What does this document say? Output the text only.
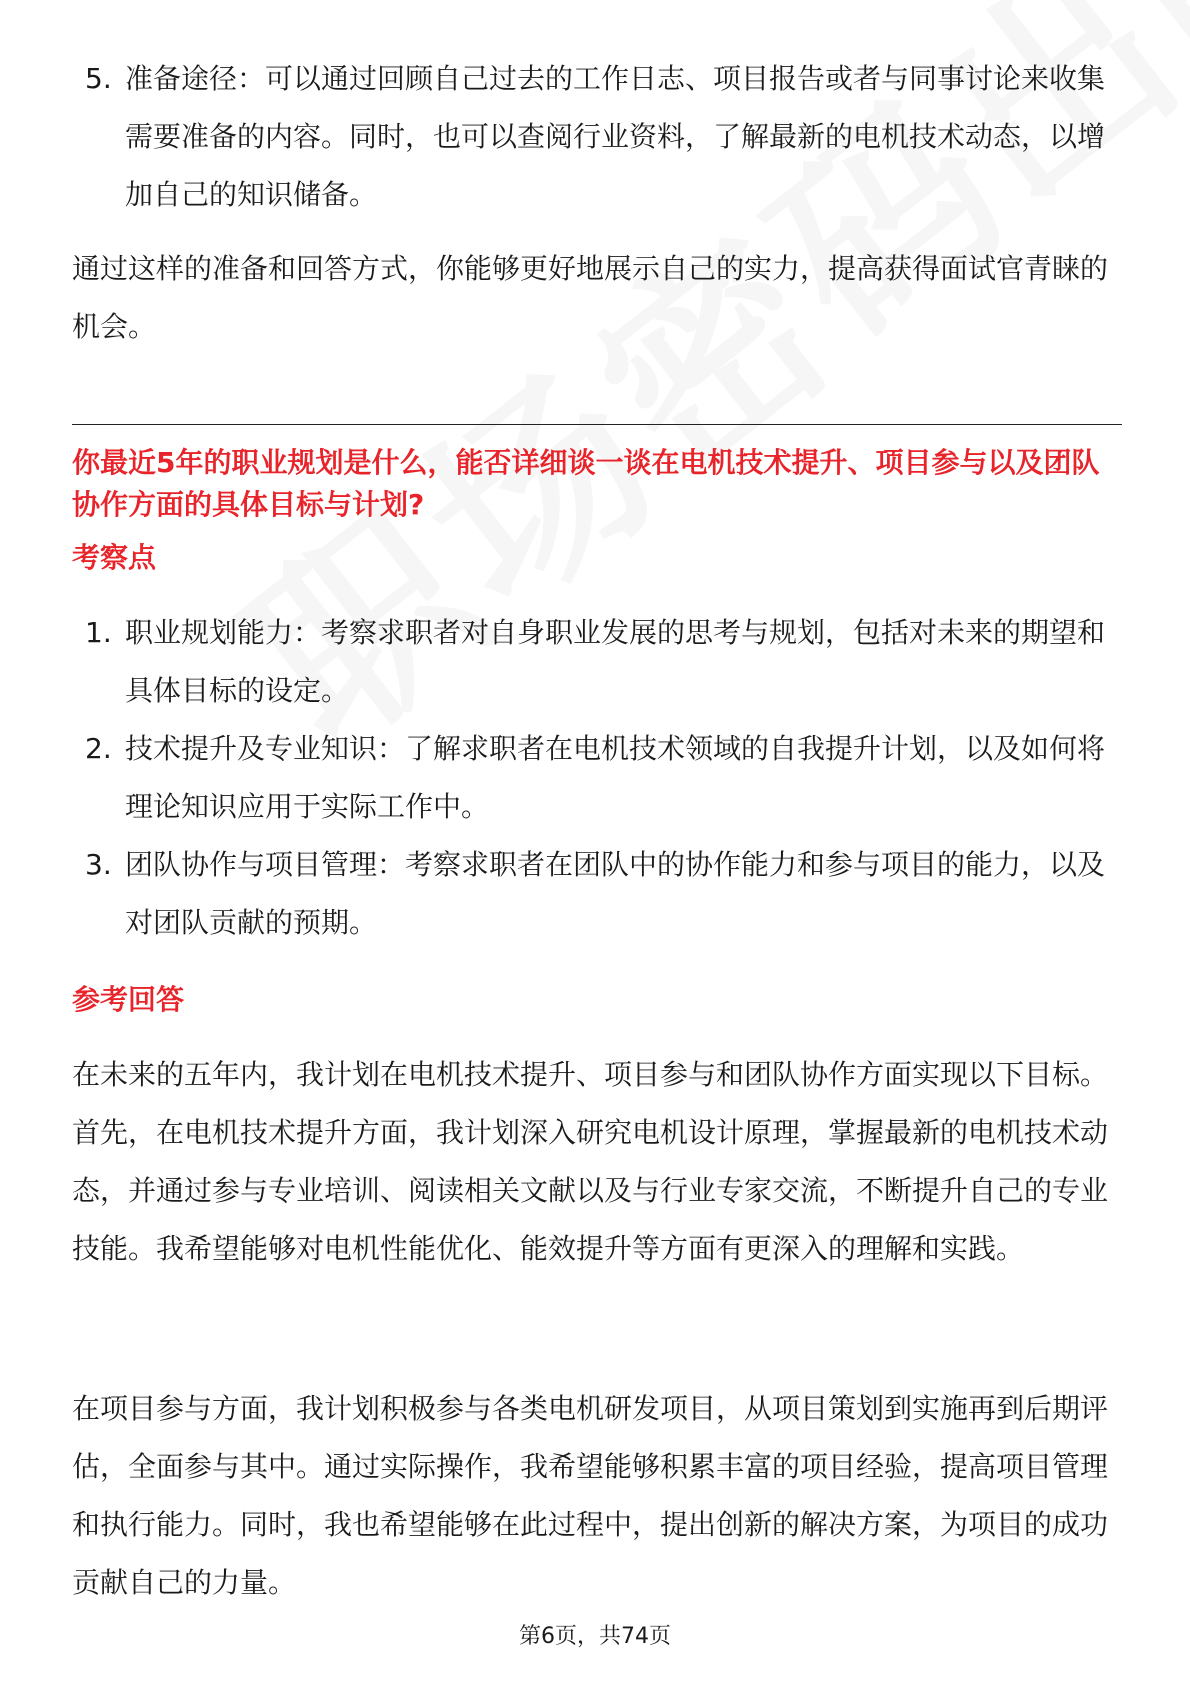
5. 准备途径：可以通过回顾自己过去的工作日志、项目报告或者与同事讨论来收集需要准备的内容。同时，也可以查阅行业资料，了解最新的电机技术动态，以增加自己的知识储备。
通过这样的准备和回答方式，你能够更好地展示自己的实力，提高获得面试官青睐的机会。
你最近5年的职业规划是什么，能否详细谈一谈在电机技术提升、项目参与以及团队协作方面的具体目标与计划?
考察点
1. 职业规划能力：考察求职者对自身职业发展的思考与规划，包括对未来的期望和具体目标的设定。
2. 技术提升及专业知识：了解求职者在电机技术领域的自我提升计划，以及如何将理论知识应用于实际工作中。
3. 团队协作与项目管理：考察求职者在团队中的协作能力和参与项目的能力，以及对团队贡献的预期。
参考回答
在未来的五年内，我计划在电机技术提升、项目参与和团队协作方面实现以下目标。首先，在电机技术提升方面，我计划深入研究电机设计原理，掌握最新的电机技术动态，并通过参与专业培训、阅读相关文献以及与行业专家交流，不断提升自己的专业技能。我希望能够对电机性能优化、能效提升等方面有更深入的理解和实践。
在项目参与方面，我计划积极参与各类电机研发项目，从项目策划到实施再到后期评估，全面参与其中。通过实际操作，我希望能够积累丰富的项目经验，提高项目管理和执行能力。同时，我也希望能够在此过程中，提出创新的解决方案，为项目的成功贡献自己的力量。
第6页，共74页
